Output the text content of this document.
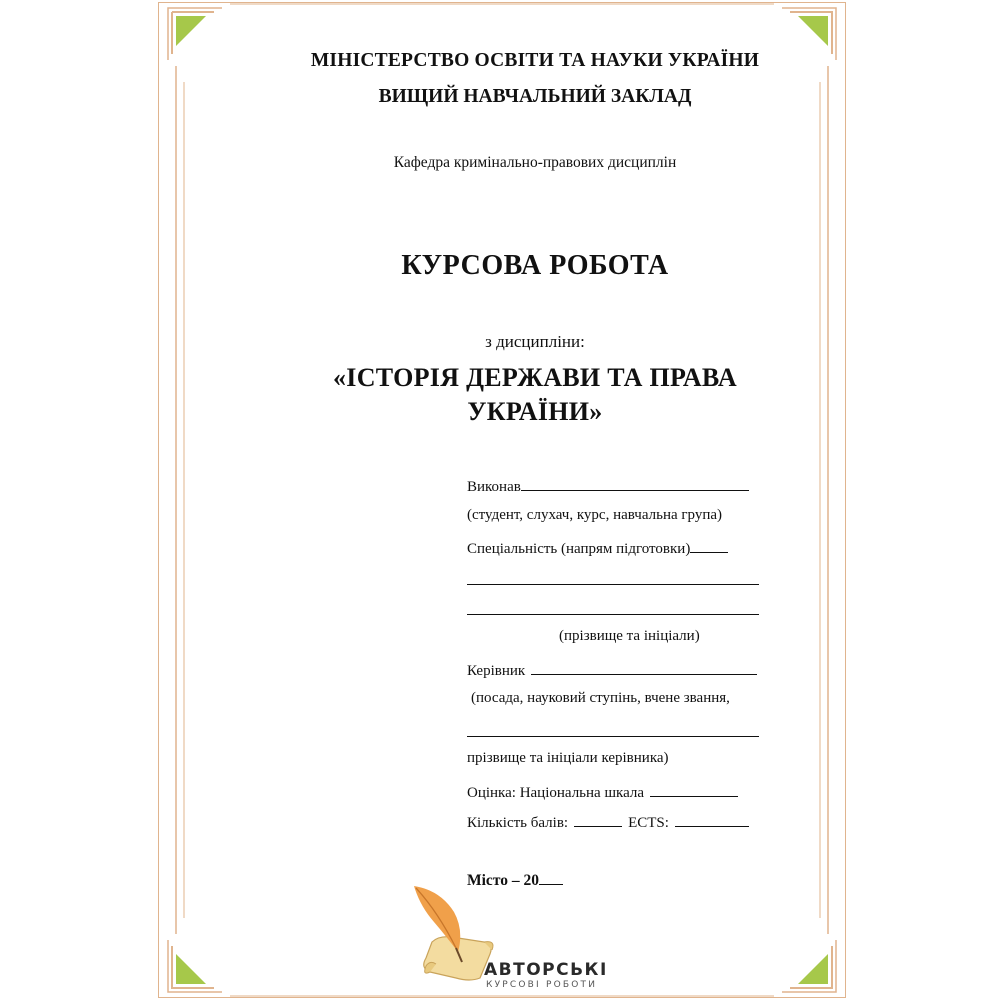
МІНІСТЕРСТВО ОСВІТИ ТА НАУКИ УКРАЇНИ
ВИЩИЙ НАВЧАЛЬНИЙ ЗАКЛАД
Кафедра кримінально-правових дисциплін
КУРСОВА РОБОТА
з дисципліни:
«ІСТОРІЯ ДЕРЖАВИ ТА ПРАВА
УКРАЇНИ»
Виконав
(студент, слухач, курс, навчальна група)
Спеціальність (напрям підготовки)
(прізвище та ініціали)
Керівник
(посада, науковий ступінь, вчене звання,
прізвище та ініціали керівника)
Оцінка: Національна шкала
Кількість балів:	ECTS:
Місто – 20
АВТОРСЬКІ
КУРСОВІ РОБОТИ
